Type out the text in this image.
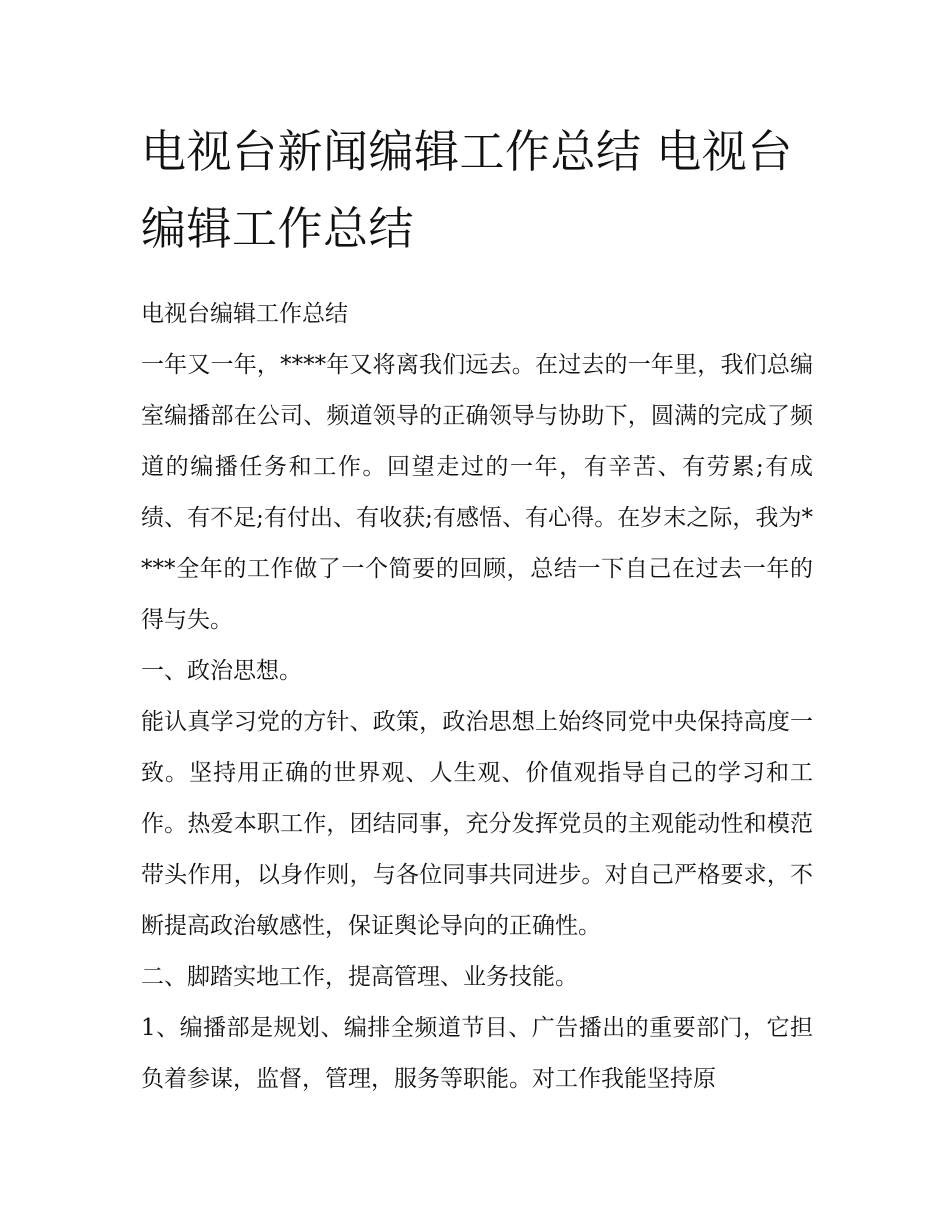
电视台新闻编辑工作总结 电视台编辑工作总结

电视台编辑工作总结

一年又一年，****年又将离我们远去。在过去的一年里，我们总编室编播部在公司、频道领导的正确领导与协助下，圆满的完成了频道的编播任务和工作。回望走过的一年，有辛苦、有劳累;有成绩、有不足;有付出、有收获;有感悟、有心得。在岁末之际，我为****全年的工作做了一个简要的回顾，总结一下自己在过去一年的得与失。

一、政治思想。

能认真学习党的方针、政策，政治思想上始终同党中央保持高度一致。坚持用正确的世界观、人生观、价值观指导自己的学习和工作。热爱本职工作，团结同事，充分发挥党员的主观能动性和模范带头作用，以身作则，与各位同事共同进步。对自己严格要求，不断提高政治敏感性，保证舆论导向的正确性。

二、脚踏实地工作，提高管理、业务技能。

1、编播部是规划、编排全频道节目、广告播出的重要部门，它担负着参谋，监督，管理，服务等职能。对工作我能坚持原
